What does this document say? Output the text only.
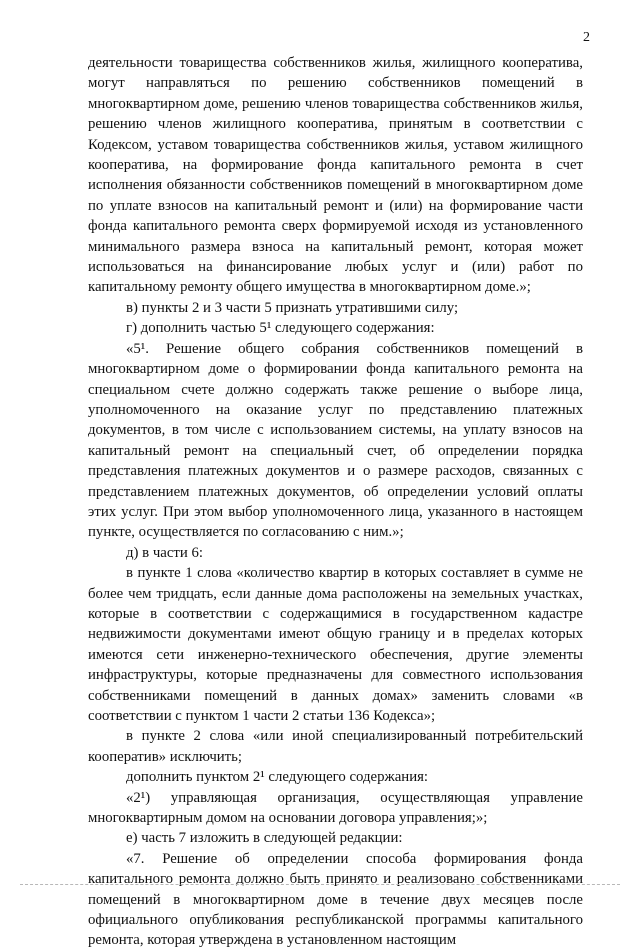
2

деятельности товарищества собственников жилья, жилищного кооператива, могут направляться по решению собственников помещений в многоквартирном доме, решению членов товарищества собственников жилья, решению членов жилищного кооператива, принятым в соответствии с Кодексом, уставом товарищества собственников жилья, уставом жилищного кооператива, на формирование фонда капитального ремонта в счет исполнения обязанности собственников помещений в многоквартирном доме по уплате взносов на капитальный ремонт и (или) на формирование части фонда капитального ремонта сверх формируемой исходя из установленного минимального размера взноса на капитальный ремонт, которая может использоваться на финансирование любых услуг и (или) работ по капитальному ремонту общего имущества в многоквартирном доме.»;

в) пункты 2 и 3 части 5 признать утратившими силу;

г) дополнить частью 5¹ следующего содержания:

«5¹. Решение общего собрания собственников помещений в многоквартирном доме о формировании фонда капитального ремонта на специальном счете должно содержать также решение о выборе лица, уполномоченного на оказание услуг по представлению платежных документов, в том числе с использованием системы, на уплату взносов на капитальный ремонт на специальный счет, об определении порядка представления платежных документов и о размере расходов, связанных с представлением платежных документов, об определении условий оплаты этих услуг. При этом выбор уполномоченного лица, указанного в настоящем пункте, осуществляется по согласованию с ним.»;

д) в части 6:

в пункте 1 слова «количество квартир в которых составляет в сумме не более чем тридцать, если данные дома расположены на земельных участках, которые в соответствии с содержащимися в государственном кадастре недвижимости документами имеют общую границу и в пределах которых имеются сети инженерно-технического обеспечения, другие элементы инфраструктуры, которые предназначены для совместного использования собственниками помещений в данных домах» заменить словами «в соответствии с пунктом 1 части 2 статьи 136 Кодекса»;

в пункте 2 слова «или иной специализированный потребительский кооператив» исключить;

дополнить пунктом 2¹ следующего содержания:

«2¹) управляющая организация, осуществляющая управление многоквартирным домом на основании договора управления;»;

е) часть 7 изложить в следующей редакции:

«7. Решение об определении способа формирования фонда капитального ремонта должно быть принято и реализовано собственниками помещений в многоквартирном доме в течение двух месяцев после официального опубликования республиканской программы капитального ремонта, которая утверждена в установленном настоящим
